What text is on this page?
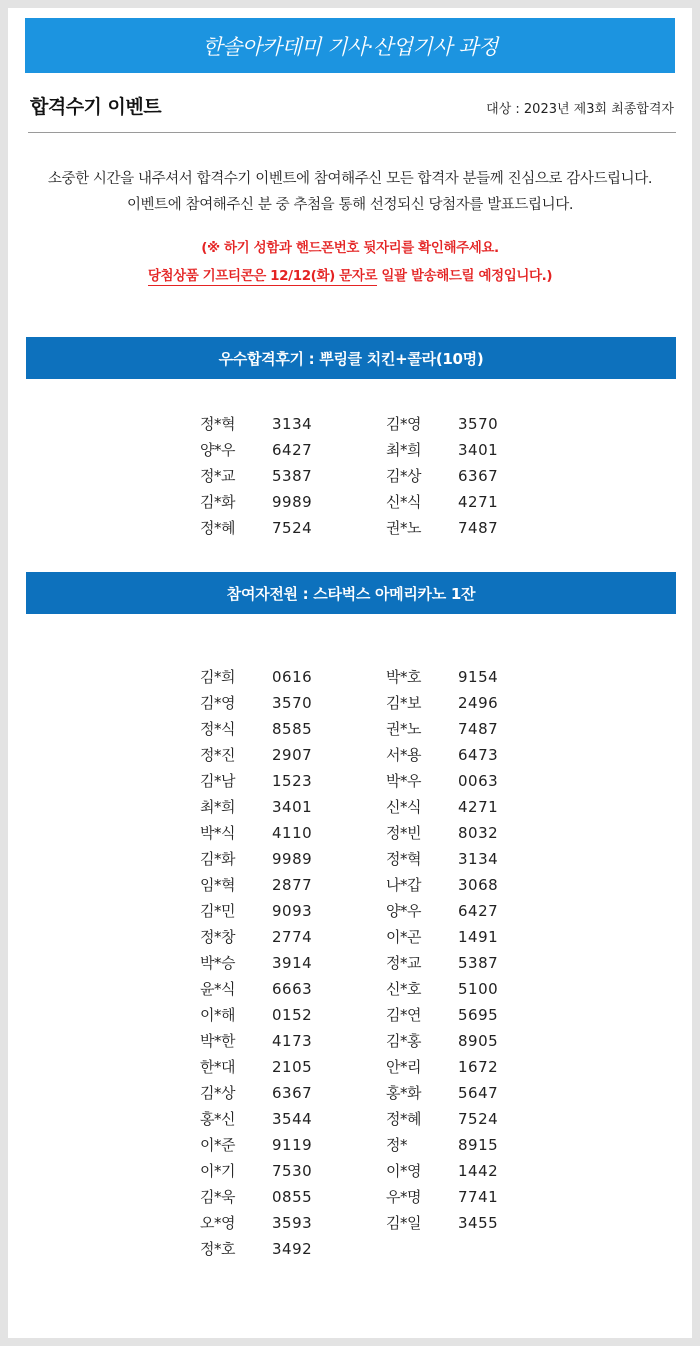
한솔아카데미 기사·산업기사 과정
합격수기 이벤트	대상 : 2023년 제3회 최종합격자
소중한 시간을 내주셔서 합격수기 이벤트에 참여해주신 모든 합격자 분들께 진심으로 감사드립니다.
이벤트에 참여해주신 분 중 추첨을 통해 선정되신 당첨자를 발표드립니다.
(※ 하기 성함과 핸드폰번호 뒷자리를 확인해주세요.
당첨상품 기프티콘은 12/12(화) 문자로 일괄 발송해드릴 예정입니다.)
우수합격후기 : 뿌링클 치킨+콜라(10명)
정*혁 3134
양*우 6427
정*교 5387
김*화 9989
정*혜 7524
김*영 3570
최*희 3401
김*상 6367
신*식 4271
권*노 7487
참여자전원 : 스타벅스 아메리카노 1잔
김*희 0616
김*영 3570
정*식 8585
정*진 2907
김*남 1523
최*희 3401
박*식 4110
김*화 9989
임*혁 2877
김*민 9093
정*창 2774
박*승 3914
윤*식 6663
이*해 0152
박*한 4173
한*대 2105
김*상 6367
홍*신 3544
이*준 9119
이*기 7530
김*욱 0855
오*영 3593
정*호 3492
박*호 9154
김*보 2496
권*노 7487
서*용 6473
박*우 0063
신*식 4271
정*빈 8032
정*혁 3134
나*갑 3068
양*우 6427
이*곤 1491
정*교 5387
신*호 5100
김*연 5695
김*홍 8905
안*리 1672
홍*화 5647
정*혜 7524
정*	8915
이*영 1442
우*명 7741
김*일 3455
